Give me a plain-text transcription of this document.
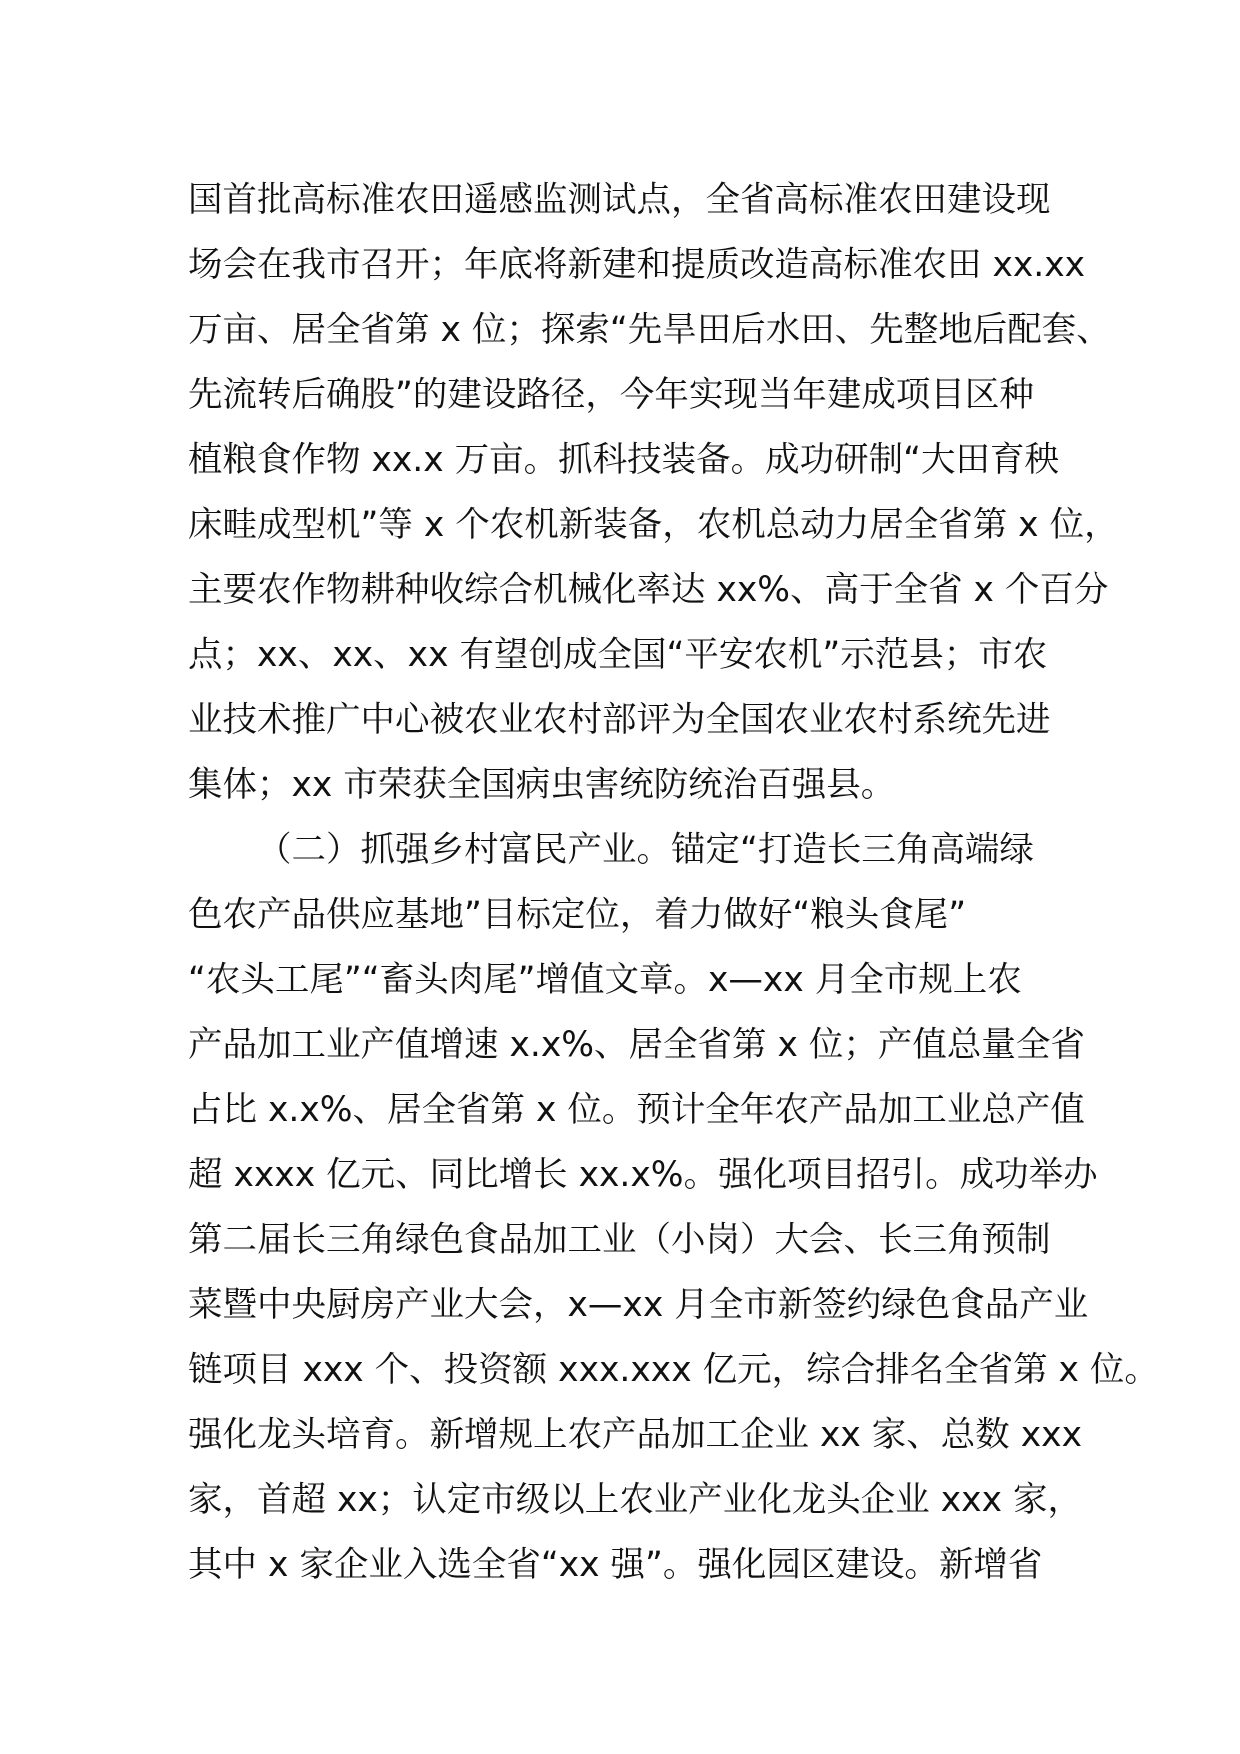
国首批高标准农田遥感监测试点，全省高标准农田建设现
场会在我市召开；年底将新建和提质改造高标准农田 xx.xx
万亩、居全省第 x 位；探索“先旱田后水田、先整地后配套、
先流转后确股”的建设路径，今年实现当年建成项目区种
植粮食作物 xx.x 万亩。抓科技装备。成功研制“大田育秧
床畦成型机”等 x 个农机新装备，农机总动力居全省第 x 位，
主要农作物耕种收综合机械化率达 xx%、高于全省 x 个百分
点；xx、xx、xx 有望创成全国“平安农机”示范县；市农
业技术推广中心被农业农村部评为全国农业农村系统先进
集体；xx 市荣获全国病虫害统防统治百强县。
（二）抓强乡村富民产业。锚定“打造长三角高端绿
色农产品供应基地”目标定位，着力做好“粮头食尾”
“农头工尾”“畜头肉尾”增值文章。x—xx 月全市规上农
产品加工业产值增速 x.x%、居全省第 x 位；产值总量全省
占比 x.x%、居全省第 x 位。预计全年农产品加工业总产值
超 xxxx 亿元、同比增长 xx.x%。强化项目招引。成功举办
第二届长三角绿色食品加工业（小岗）大会、长三角预制
菜暨中央厨房产业大会，x—xx 月全市新签约绿色食品产业
链项目 xxx 个、投资额 xxx.xxx 亿元，综合排名全省第 x 位。
强化龙头培育。新增规上农产品加工企业 xx 家、总数 xxx
家，首超 xx；认定市级以上农业产业化龙头企业 xxx 家，
其中 x 家企业入选全省“xx 强”。强化园区建设。新增省
